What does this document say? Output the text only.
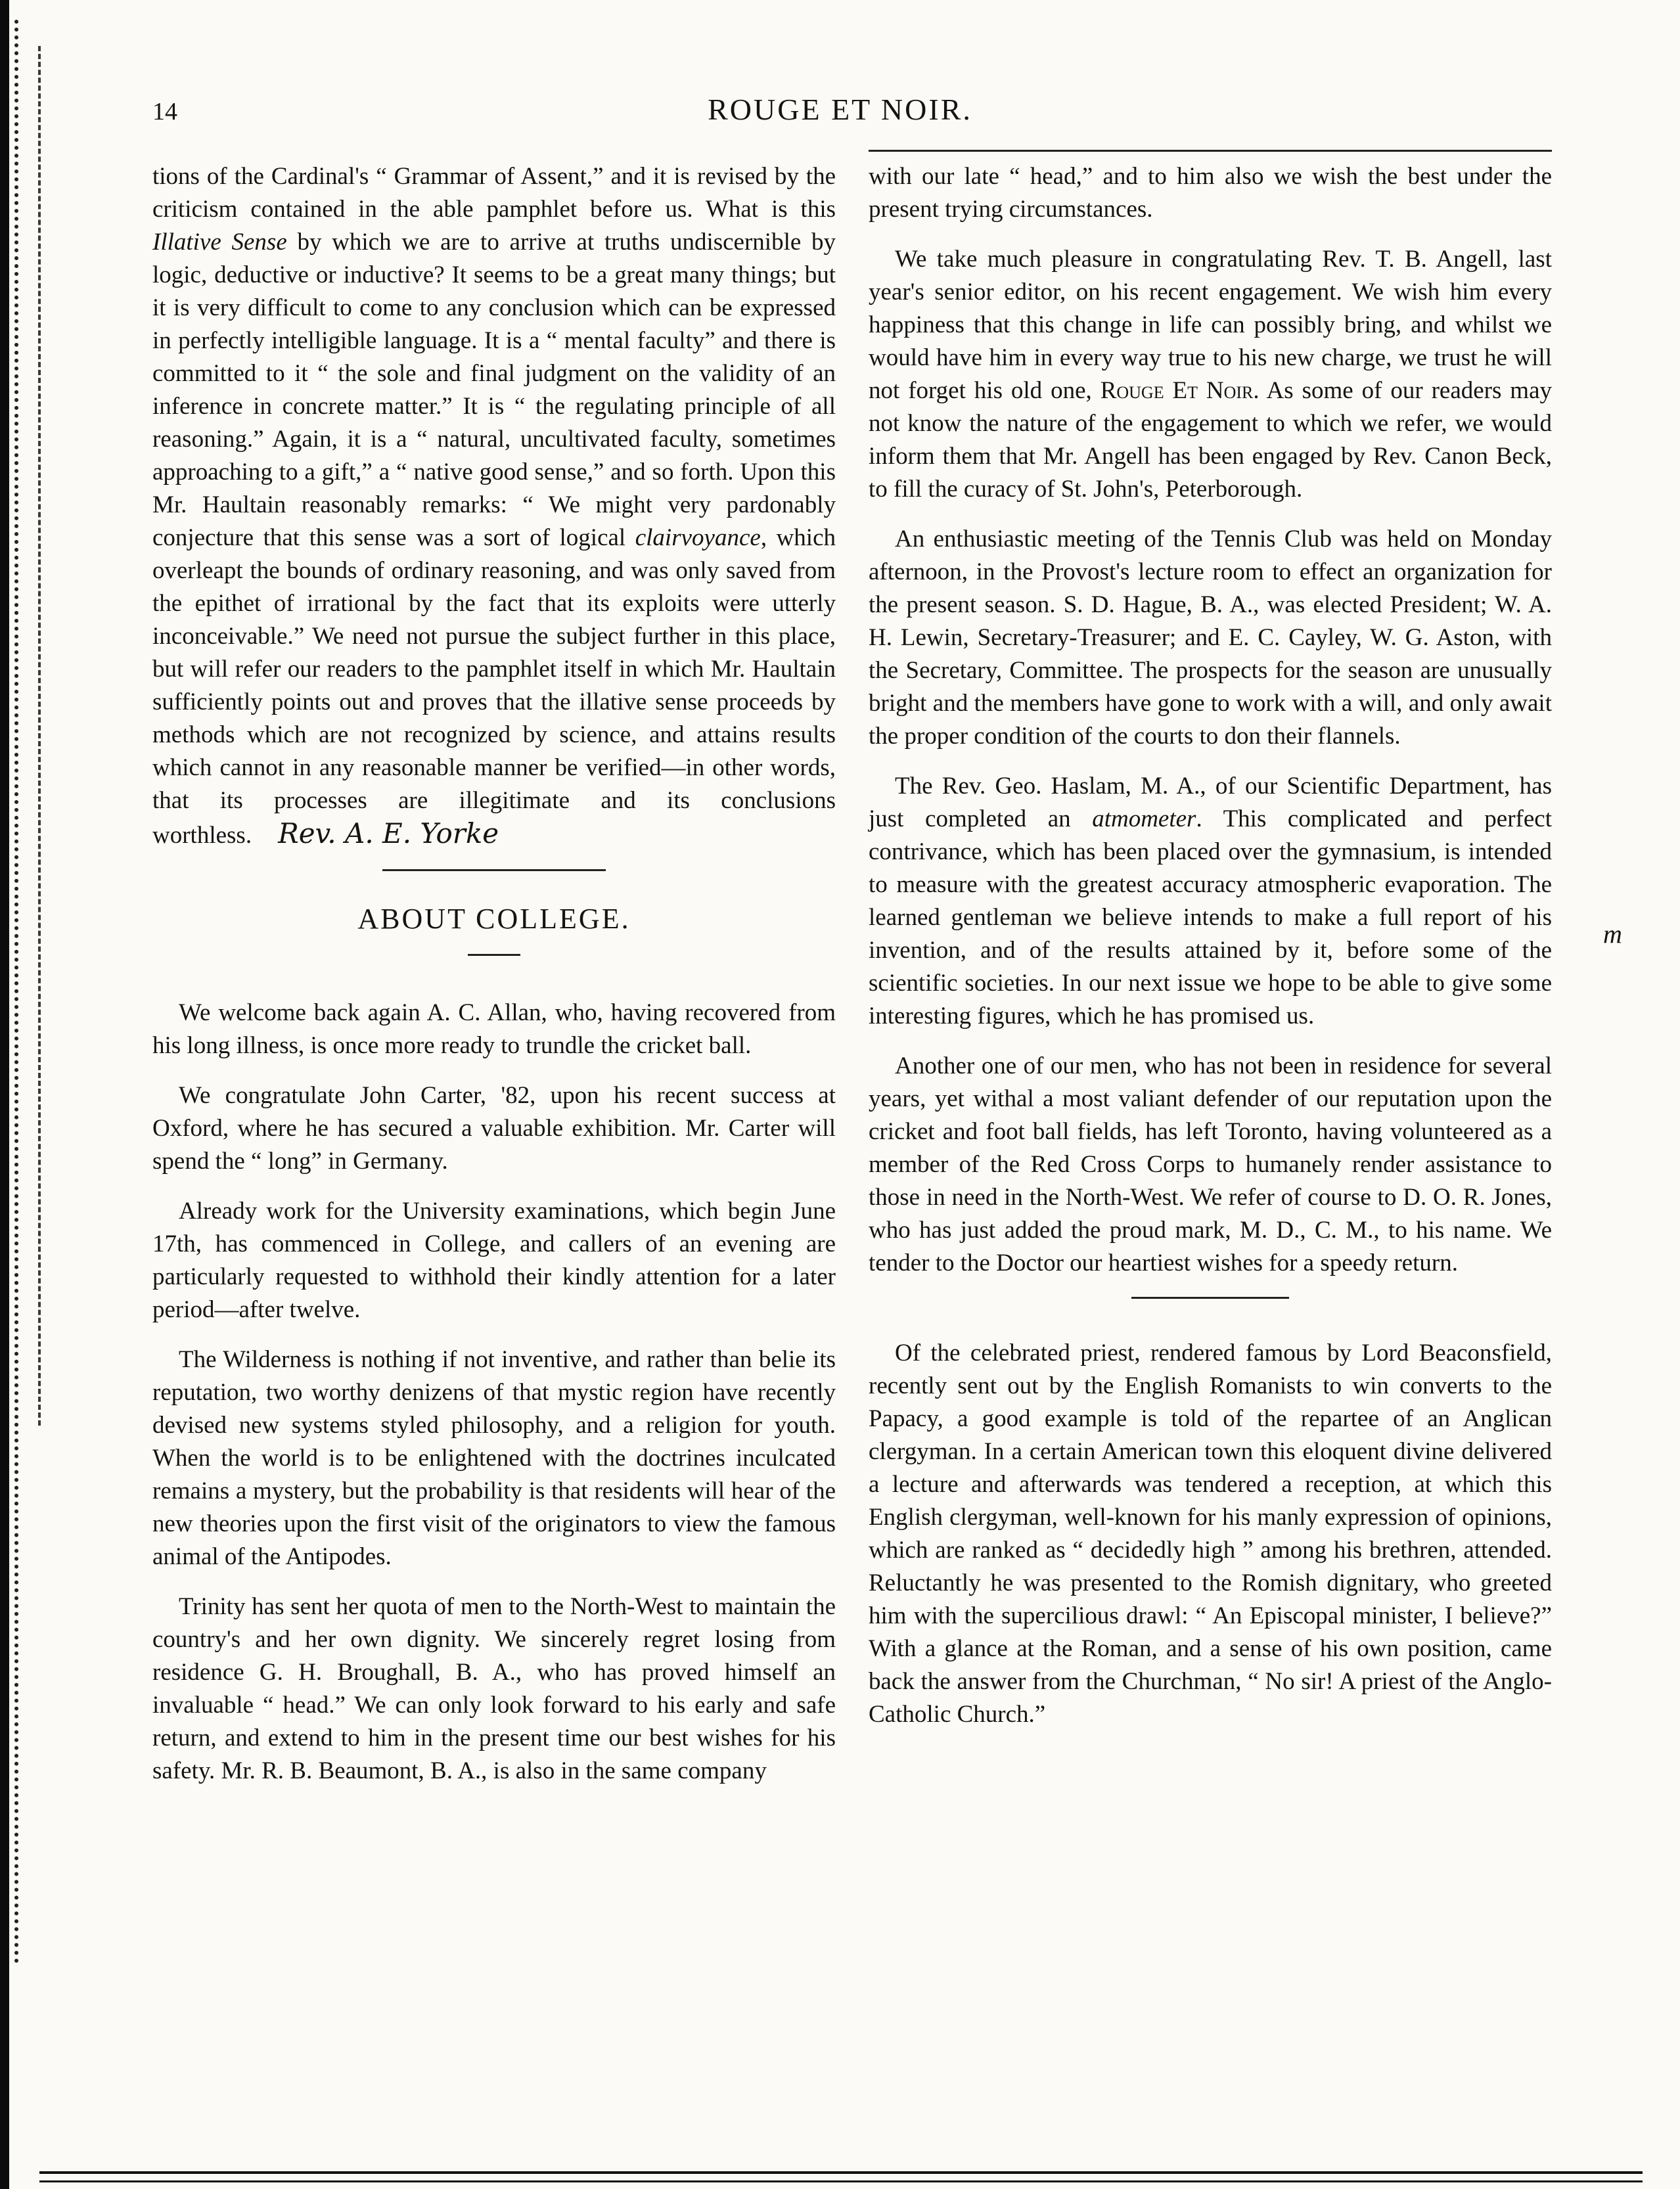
14	ROUGE ET NOIR.

tions of the Cardinal's “ Grammar of Assent,” and it is revised by the criticism contained in the able pamphlet before us. What is this Illative Sense by which we are to arrive at truths undiscernible by logic, deductive or inductive? It seems to be a great many things; but it is very difficult to come to any conclusion which can be expressed in perfectly intelligible language. It is a “ mental faculty” and there is committed to it “ the sole and final judgment on the validity of an inference in concrete matter.” It is “ the regulating principle of all reasoning.” Again, it is a “ natural, uncultivated faculty, sometimes approaching to a gift,” a “ native good sense,” and so forth. Upon this Mr. Haultain reasonably remarks: “ We might very pardonably conjecture that this sense was a sort of logical clairvoyance, which overleapt the bounds of ordinary reasoning, and was only saved from the epithet of irrational by the fact that its exploits were utterly inconceivable.” We need not pursue the subject further in this place, but will refer our readers to the pamphlet itself in which Mr. Haultain sufficiently points out and proves that the illative sense proceeds by methods which are not recognized by science, and attains results which cannot in any reasonable manner be verified—in other words, that its processes are illegitimate and its conclusions worthless. Rev. A. E. Yorke

ABOUT COLLEGE.

We welcome back again A. C. Allan, who, having recovered from his long illness, is once more ready to trundle the cricket ball.

We congratulate John Carter, '82, upon his recent success at Oxford, where he has secured a valuable exhibition. Mr. Carter will spend the “ long” in Germany.

Already work for the University examinations, which begin June 17th, has commenced in College, and callers of an evening are particularly requested to withhold their kindly attention for a later period—after twelve.

The Wilderness is nothing if not inventive, and rather than belie its reputation, two worthy denizens of that mystic region have recently devised new systems styled philosophy, and a religion for youth. When the world is to be enlightened with the doctrines inculcated remains a mystery, but the probability is that residents will hear of the new theories upon the first visit of the originators to view the famous animal of the Antipodes.

Trinity has sent her quota of men to the North-West to maintain the country's and her own dignity. We sincerely regret losing from residence G. H. Broughall, B. A., who has proved himself an invaluable “ head.” We can only look forward to his early and safe return, and extend to him in the present time our best wishes for his safety. Mr. R. B. Beaumont, B. A., is also in the same company

with our late “ head,” and to him also we wish the best under the present trying circumstances.

We take much pleasure in congratulating Rev. T. B. Angell, last year's senior editor, on his recent engagement. We wish him every happiness that this change in life can possibly bring, and whilst we would have him in every way true to his new charge, we trust he will not forget his old one, Rouge Et Noir. As some of our readers may not know the nature of the engagement to which we refer, we would inform them that Mr. Angell has been engaged by Rev. Canon Beck, to fill the curacy of St. John's, Peterborough.

An enthusiastic meeting of the Tennis Club was held on Monday afternoon, in the Provost's lecture room to effect an organization for the present season. S. D. Hague, B. A., was elected President; W. A. H. Lewin, Secretary-Treasurer; and E. C. Cayley, W. G. Aston, with the Secretary, Committee. The prospects for the season are unusually bright and the members have gone to work with a will, and only await the proper condition of the courts to don their flannels.

The Rev. Geo. Haslam, M. A., of our Scientific Department, has just completed an atmometer. This complicated and perfect contrivance, which has been placed over the gymnasium, is intended to measure with the greatest accuracy atmospheric evaporation. The learned gentleman we believe intends to make a full report of his invention, and of the results attained by it, before some of the scientific societies. In our next issue we hope to be able to give some interesting figures, which he has promised us.

Another one of our men, who has not been in residence for several years, yet withal a most valiant defender of our reputation upon the cricket and foot ball fields, has left Toronto, having volunteered as a member of the Red Cross Corps to humanely render assistance to those in need in the North-West. We refer of course to D. O. R. Jones, who has just added the proud mark, M. D., C. M., to his name. We tender to the Doctor our heartiest wishes for a speedy return.

Of the celebrated priest, rendered famous by Lord Beaconsfield, recently sent out by the English Romanists to win converts to the Papacy, a good example is told of the repartee of an Anglican clergyman. In a certain American town this eloquent divine delivered a lecture and afterwards was tendered a reception, at which this English clergyman, well-known for his manly expression of opinions, which are ranked as “ decidedly high ” among his brethren, attended. Reluctantly he was presented to the Romish dignitary, who greeted him with the supercilious drawl: “ An Episcopal minister, I believe?” With a glance at the Roman, and a sense of his own position, came back the answer from the Churchman, “ No sir! A priest of the Anglo-Catholic Church.”

m
